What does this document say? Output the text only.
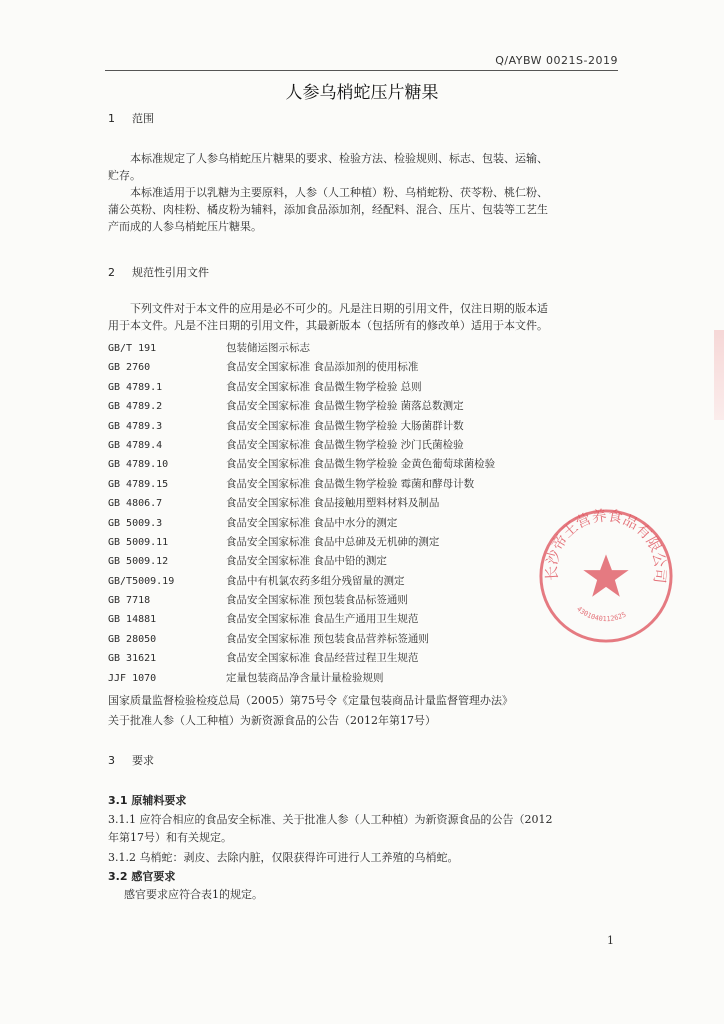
Q/AYBW 0021S-2019
人参乌梢蛇压片糖果
1 范围
本标准规定了人参乌梢蛇压片糖果的要求、检验方法、检验规则、标志、包装、运输、
贮存。
本标准适用于以乳糖为主要原料，人参（人工种植）粉、乌梢蛇粉、茯苓粉、桃仁粉、
蒲公英粉、肉桂粉、橘皮粉为辅料，添加食品添加剂，经配料、混合、压片、包装等工艺生
产而成的人参乌梢蛇压片糖果。
2 规范性引用文件
下列文件对于本文件的应用是必不可少的。凡是注日期的引用文件，仅注日期的版本适
用于本文件。凡是不注日期的引用文件，其最新版本（包括所有的修改单）适用于本文件。
GB/T 191	包装储运图示标志
GB 2760	食品安全国家标准 食品添加剂的使用标准
GB 4789.1	食品安全国家标准 食品微生物学检验 总则
GB 4789.2	食品安全国家标准 食品微生物学检验 菌落总数测定
GB 4789.3	食品安全国家标准 食品微生物学检验 大肠菌群计数
GB 4789.4	食品安全国家标准 食品微生物学检验 沙门氏菌检验
GB 4789.10	食品安全国家标准 食品微生物学检验 金黄色葡萄球菌检验
GB 4789.15	食品安全国家标准 食品微生物学检验 霉菌和酵母计数
GB 4806.7	食品安全国家标准 食品接触用塑料材料及制品
GB 5009.3	食品安全国家标准 食品中水分的测定
GB 5009.11	食品安全国家标准 食品中总砷及无机砷的测定
GB 5009.12	食品安全国家标准 食品中铅的测定
GB/T5009.19	食品中有机氯农药多组分残留量的测定
GB 7718	食品安全国家标准 预包装食品标签通则
GB 14881	食品安全国家标准 食品生产通用卫生规范
GB 28050	食品安全国家标准 预包装食品营养标签通则
GB 31621	食品安全国家标准 食品经营过程卫生规范
JJF 1070	定量包装商品净含量计量检验规则
国家质量监督检验检疫总局（2005）第75号令《定量包装商品计量监督管理办法》
关于批准人参（人工种植）为新资源食品的公告（2012年第17号）
3 要求
3.1 原辅料要求
3.1.1 应符合相应的食品安全标准、关于批准人参（人工种植）为新资源食品的公告（2012
年第17号）和有关规定。
3.1.2 乌梢蛇：剥皮、去除内脏，仅限获得许可进行人工养殖的乌梢蛇。
3.2 感官要求
感官要求应符合表1的规定。
1
长沙帝王营养食品有限公司
4301040112625
